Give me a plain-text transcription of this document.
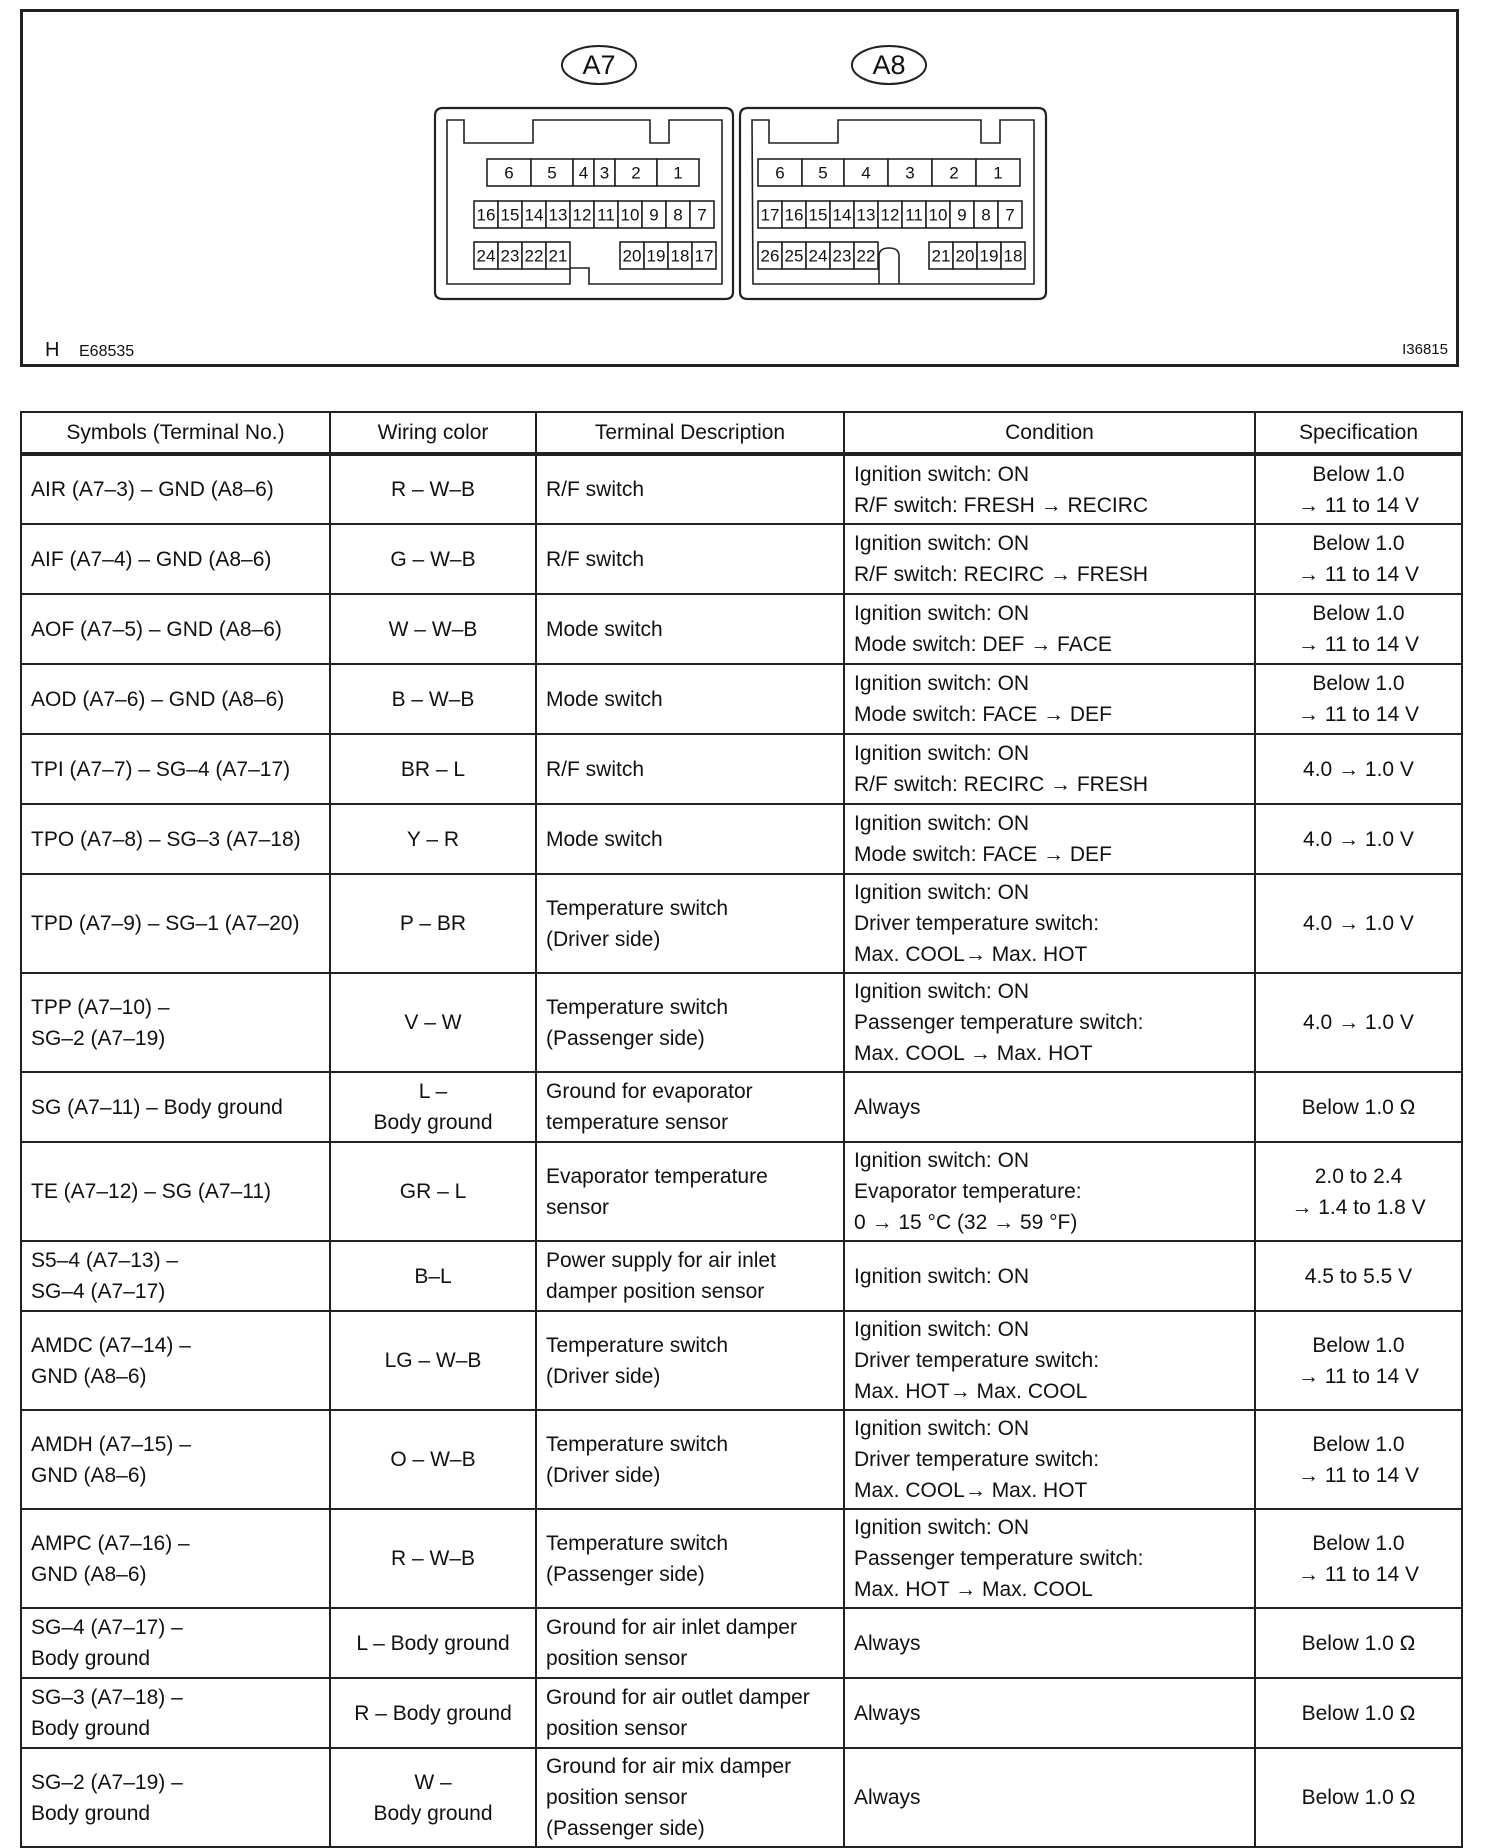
A7	A8
6 5 4 3 2 1
16 15 14 13 12 11 10 9 8 7
24 23 22 21	20 19 18 17
6 5 4 3 2 1
17 16 15 14 13 12 11 10 9 8 7
26 25 24 23 22	21 20 19 18
H E68535	I36815
Symbols (Terminal No.)	Wiring color	Terminal Description	Condition	Specification

AIR (A7–3) – GND (A8–6)	R – W–B	R/F switch	Ignition switch: ON
R/F switch: FRESH → RECIRC	Below 1.0
→ 11 to 14 V

AIF (A7–4) – GND (A8–6)	G – W–B	R/F switch	Ignition switch: ON
R/F switch: RECIRC → FRESH	Below 1.0
→ 11 to 14 V

AOF (A7–5) – GND (A8–6)	W – W–B	Mode switch	Ignition switch: ON
Mode switch: DEF → FACE	Below 1.0
→ 11 to 14 V

AOD (A7–6) – GND (A8–6)	B – W–B	Mode switch	Ignition switch: ON
Mode switch: FACE → DEF	Below 1.0
→ 11 to 14 V

TPI (A7–7) – SG–4 (A7–17)	BR – L	R/F switch	Ignition switch: ON
R/F switch: RECIRC → FRESH	4.0 → 1.0 V

TPO (A7–8) – SG–3 (A7–18)	Y – R	Mode switch	Ignition switch: ON
Mode switch: FACE → DEF	4.0 → 1.0 V

TPD (A7–9) – SG–1 (A7–20)	P – BR	Temperature switch
(Driver side)	Ignition switch: ON
Driver temperature switch:
Max. COOL→ Max. HOT	4.0 → 1.0 V

TPP (A7–10) –
SG–2 (A7–19)	V – W	Temperature switch
(Passenger side)	Ignition switch: ON
Passenger temperature switch:
Max. COOL → Max. HOT	4.0 → 1.0 V

SG (A7–11) – Body ground	L –
Body ground	Ground for evaporator
temperature sensor	Always	Below 1.0 Ω

TE (A7–12) – SG (A7–11)	GR – L	Evaporator temperature
sensor	Ignition switch: ON
Evaporator temperature:
0 → 15 °C (32 → 59 °F)	2.0 to 2.4
→ 1.4 to 1.8 V

S5–4 (A7–13) –
SG–4 (A7–17)	B–L	Power supply for air inlet
damper position sensor	Ignition switch: ON	4.5 to 5.5 V

AMDC (A7–14) –
GND (A8–6)	LG – W–B	Temperature switch
(Driver side)	Ignition switch: ON
Driver temperature switch:
Max. HOT→ Max. COOL	Below 1.0
→ 11 to 14 V

AMDH (A7–15) –
GND (A8–6)	O – W–B	Temperature switch
(Driver side)	Ignition switch: ON
Driver temperature switch:
Max. COOL→ Max. HOT	Below 1.0
→ 11 to 14 V

AMPC (A7–16) –
GND (A8–6)	R – W–B	Temperature switch
(Passenger side)	Ignition switch: ON
Passenger temperature switch:
Max. HOT → Max. COOL	Below 1.0
→ 11 to 14 V

SG–4 (A7–17) –
Body ground	L – Body ground	Ground for air inlet damper
position sensor	Always	Below 1.0 Ω

SG–3 (A7–18) –
Body ground	R – Body ground	Ground for air outlet damper
position sensor	Always	Below 1.0 Ω

SG–2 (A7–19) –
Body ground	W –
Body ground	Ground for air mix damper
position sensor
(Passenger side)	Always	Below 1.0 Ω
